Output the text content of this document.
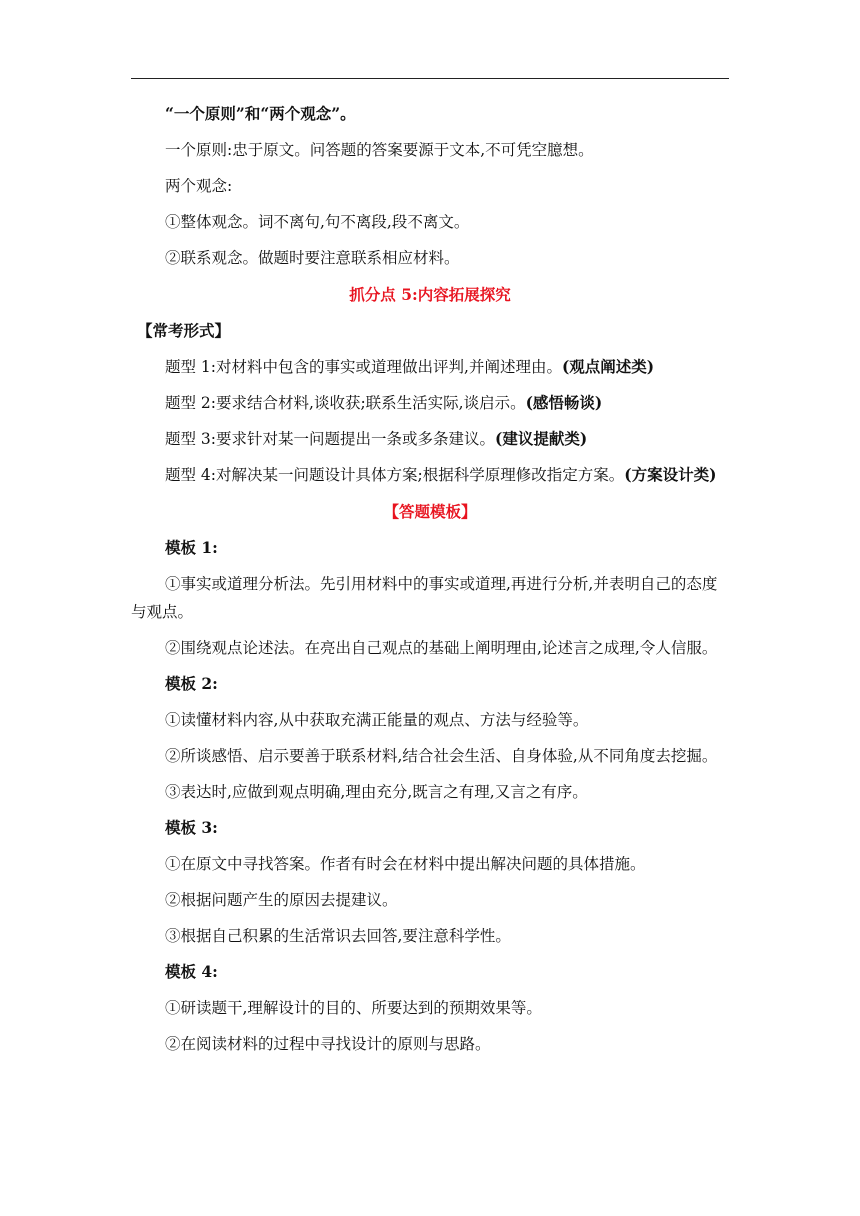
“一个原则”和“两个观念”。

一个原则:忠于原文。问答题的答案要源于文本,不可凭空臆想。

两个观念:

①整体观念。词不离句,句不离段,段不离文。

②联系观念。做题时要注意联系相应材料。

抓分点 5:内容拓展探究

【常考形式】

题型 1:对材料中包含的事实或道理做出评判,并阐述理由。(观点阐述类)

题型 2:要求结合材料,谈收获;联系生活实际,谈启示。(感悟畅谈)

题型 3:要求针对某一问题提出一条或多条建议。(建议提献类)

题型 4:对解决某一问题设计具体方案;根据科学原理修改指定方案。(方案设计类)

【答题模板】

模板 1:

①事实或道理分析法。先引用材料中的事实或道理,再进行分析,并表明自己的态度与观点。

②围绕观点论述法。在亮出自己观点的基础上阐明理由,论述言之成理,令人信服。

模板 2:

①读懂材料内容,从中获取充满正能量的观点、方法与经验等。

②所谈感悟、启示要善于联系材料,结合社会生活、自身体验,从不同角度去挖掘。

③表达时,应做到观点明确,理由充分,既言之有理,又言之有序。

模板 3:

①在原文中寻找答案。作者有时会在材料中提出解决问题的具体措施。

②根据问题产生的原因去提建议。

③根据自己积累的生活常识去回答,要注意科学性。

模板 4:

①研读题干,理解设计的目的、所要达到的预期效果等。

②在阅读材料的过程中寻找设计的原则与思路。
